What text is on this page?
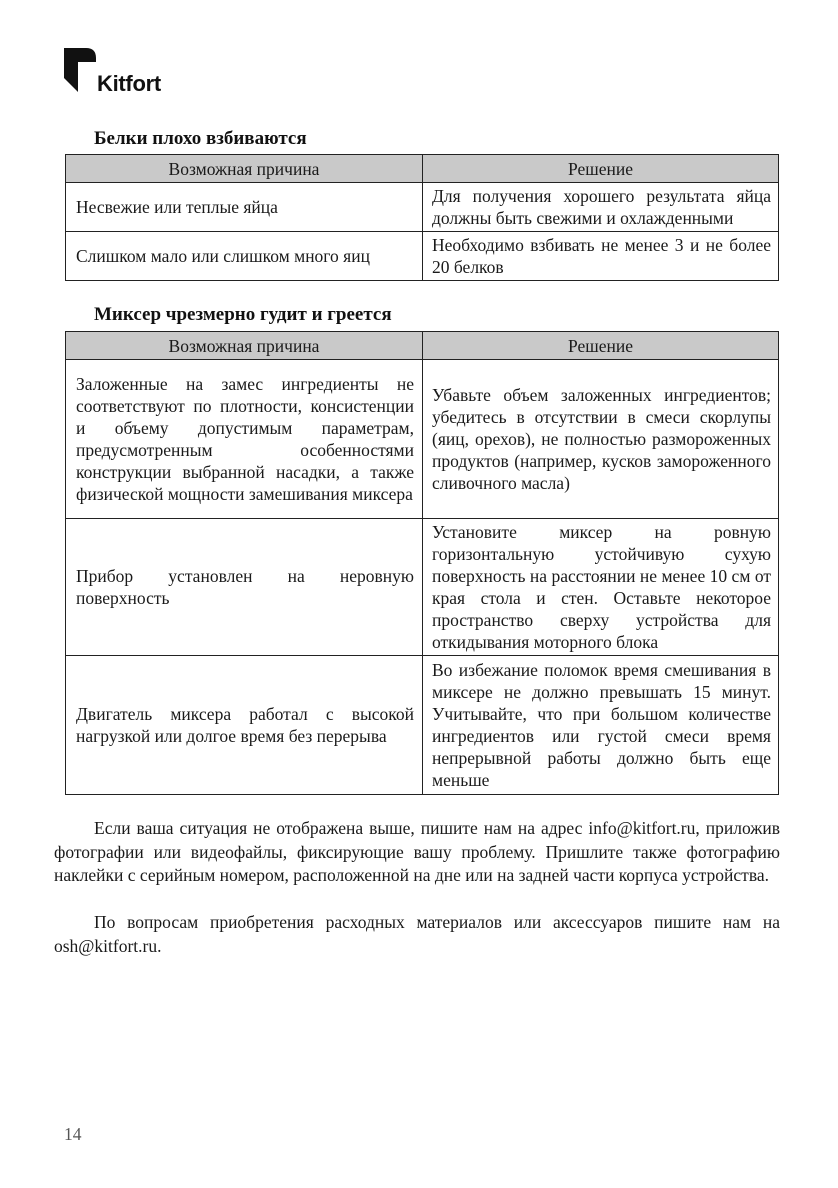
Kitfort
Белки плохо взбиваются
Возможная причина	Решение
Несвежие или теплые яйца	Для получения хорошего результата яйца должны быть свежими и охлажденными
Слишком мало или слишком много яиц	Необходимо взбивать не менее 3 и не более 20 белков
Миксер чрезмерно гудит и греется
Возможная причина	Решение
Заложенные на замес ингредиенты не соответствуют по плотности, консистенции и объему допустимым параметрам, предусмотренным особенностями конструкции выбранной насадки, а также физической мощности замешивания миксера	Убавьте объем заложенных ингредиентов; убедитесь в отсутствии в смеси скорлупы (яиц, орехов), не полностью размороженных продуктов (например, кусков замороженного сливочного масла)
Прибор установлен на неровную поверхность	Установите миксер на ровную горизонтальную устойчивую сухую поверхность на расстоянии не менее 10 см от края стола и стен. Оставьте некоторое пространство сверху устройства для откидывания моторного блока
Двигатель миксера работал с высокой нагрузкой или долгое время без перерыва	Во избежание поломок время смешивания в миксере не должно превышать 15 минут. Учитывайте, что при большом количестве ингредиентов или густой смеси время непрерывной работы должно быть еще меньше

Если ваша ситуация не отображена выше, пишите нам на адрес info@kitfort.ru, приложив фотографии или видеофайлы, фиксирующие вашу проблему. Пришлите также фотографию наклейки с серийным номером, расположенной на дне или на задней части корпуса устройства.

По вопросам приобретения расходных материалов или аксессуаров пишите нам на osh@kitfort.ru.

14
